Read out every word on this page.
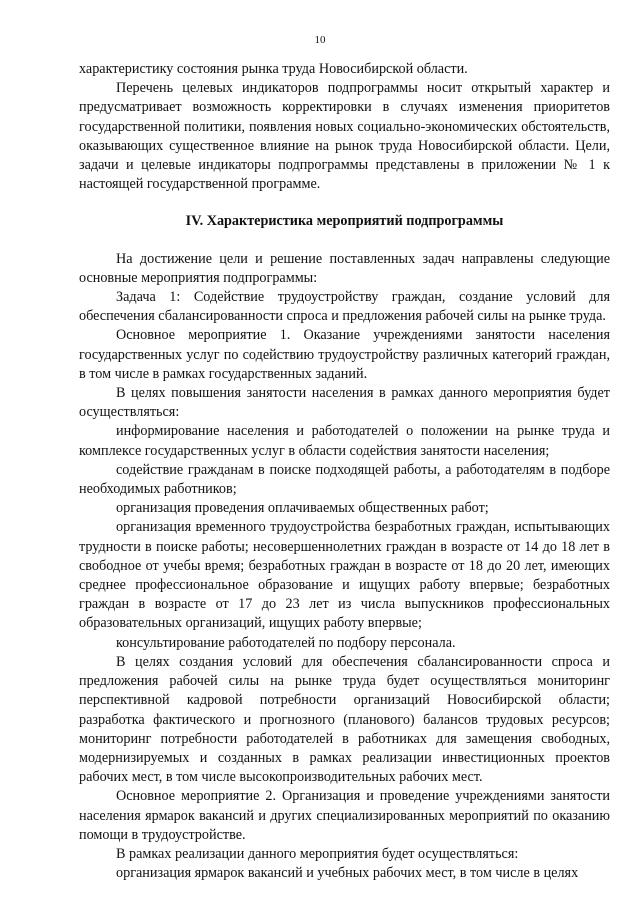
10

характеристику состояния рынка труда Новосибирской области.

Перечень целевых индикаторов подпрограммы носит открытый характер и предусматривает возможность корректировки в случаях изменения приоритетов государственной политики, появления новых социально-экономических обстоятельств, оказывающих существенное влияние на рынок труда Новосибирской области. Цели, задачи и целевые индикаторы подпрограммы представлены в приложении № 1 к настоящей государственной программе.

IV. Характеристика мероприятий подпрограммы

На достижение цели и решение поставленных задач направлены следующие основные мероприятия подпрограммы:

Задача 1: Содействие трудоустройству граждан, создание условий для обеспечения сбалансированности спроса и предложения рабочей силы на рынке труда.

Основное мероприятие 1. Оказание учреждениями занятости населения государственных услуг по содействию трудоустройству различных категорий граждан, в том числе в рамках государственных заданий.

В целях повышения занятости населения в рамках данного мероприятия будет осуществляться:

информирование населения и работодателей о положении на рынке труда и комплексе государственных услуг в области содействия занятости населения;

содействие гражданам в поиске подходящей работы, а работодателям в подборе необходимых работников;

организация проведения оплачиваемых общественных работ;

организация временного трудоустройства безработных граждан, испытывающих трудности в поиске работы; несовершеннолетних граждан в возрасте от 14 до 18 лет в свободное от учебы время; безработных граждан в возрасте от 18 до 20 лет, имеющих среднее профессиональное образование и ищущих работу впервые; безработных граждан в возрасте от 17 до 23 лет из числа выпускников профессиональных образовательных организаций, ищущих работу впервые;

консультирование работодателей по подбору персонала.

В целях создания условий для обеспечения сбалансированности спроса и предложения рабочей силы на рынке труда будет осуществляться мониторинг перспективной кадровой потребности организаций Новосибирской области; разработка фактического и прогнозного (планового) балансов трудовых ресурсов; мониторинг потребности работодателей в работниках для замещения свободных, модернизируемых и созданных в рамках реализации инвестиционных проектов рабочих мест, в том числе высокопроизводительных рабочих мест.

Основное мероприятие 2. Организация и проведение учреждениями занятости населения ярмарок вакансий и других специализированных мероприятий по оказанию помощи в трудоустройстве.

В рамках реализации данного мероприятия будет осуществляться:

организация ярмарок вакансий и учебных рабочих мест, в том числе в целях
